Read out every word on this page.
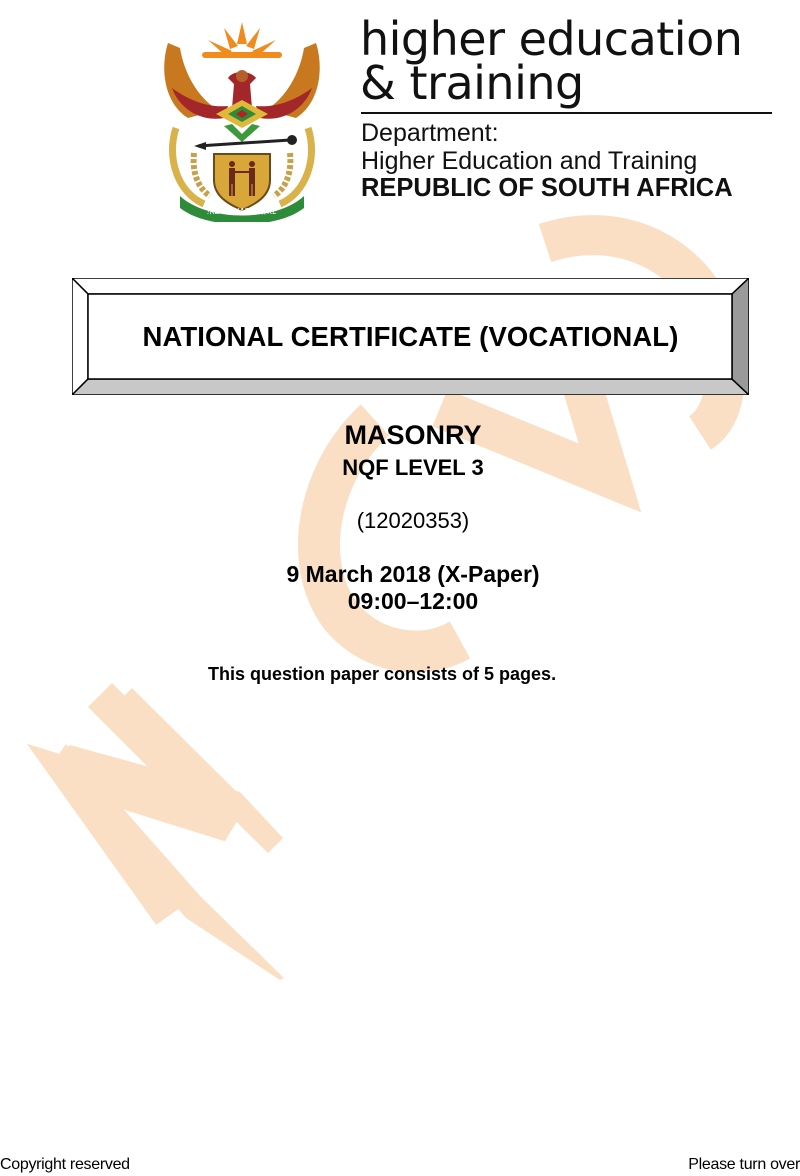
!KE E: /XARRA //KE
higher education
& training
Department:
Higher Education and Training
REPUBLIC OF SOUTH AFRICA
NATIONAL CERTIFICATE (VOCATIONAL)
MASONRY
NQF LEVEL 3
(12020353)
9 March 2018 (X-Paper)
09:00–12:00
This question paper consists of 5 pages.
Copyright reserved	Please turn over
